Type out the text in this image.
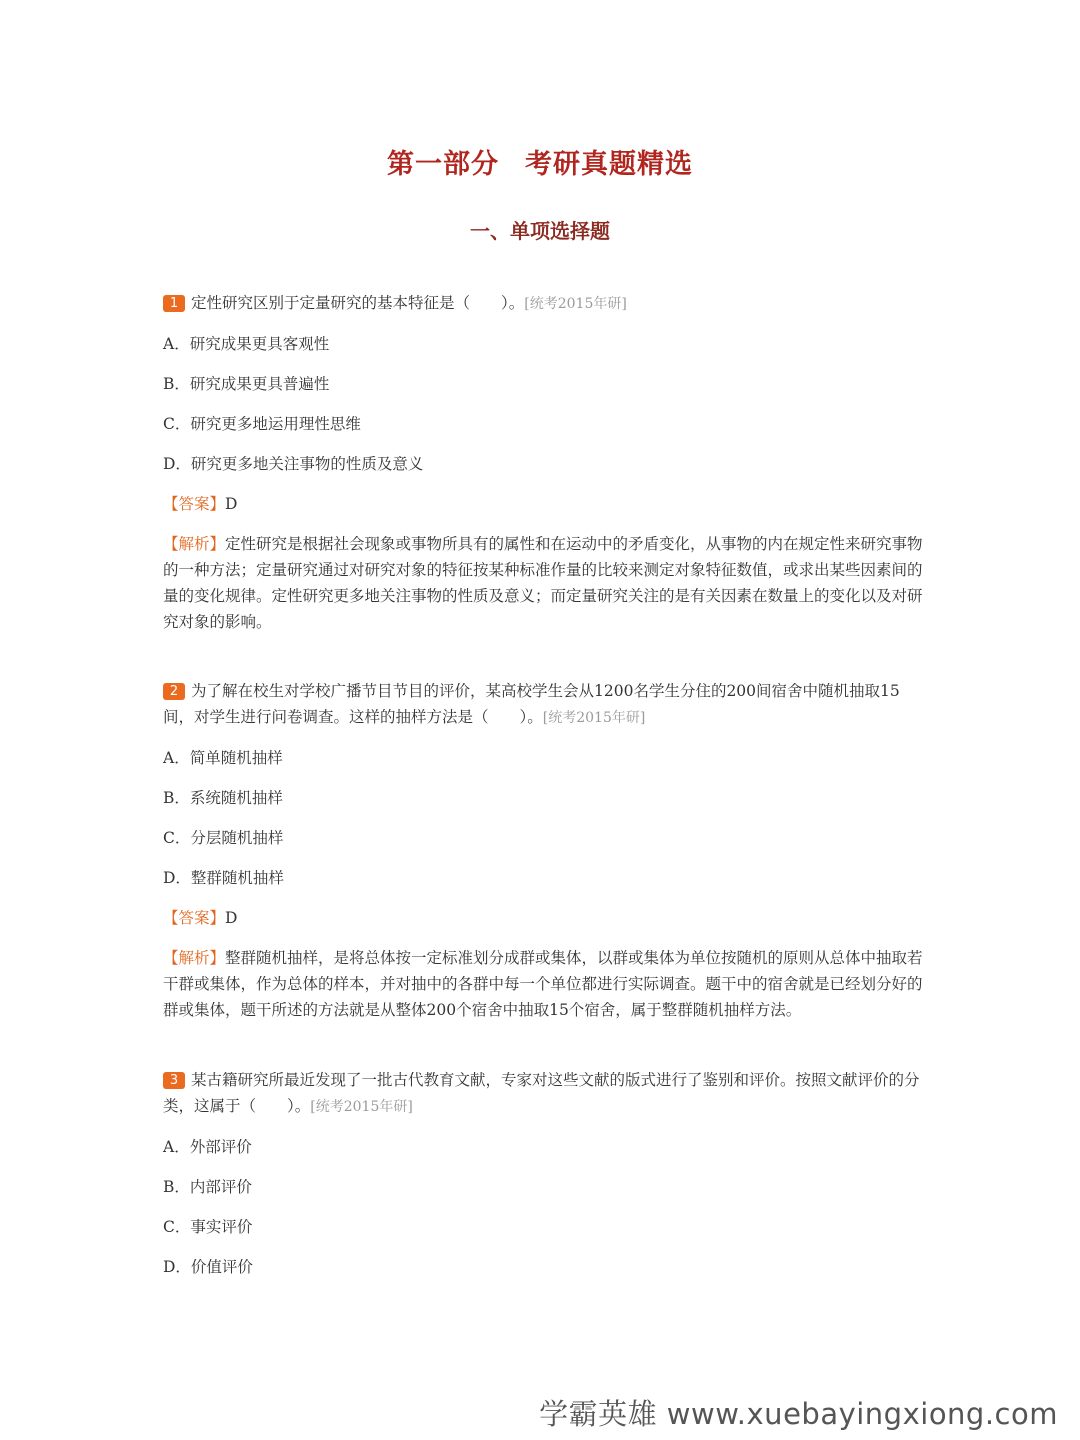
第一部分 考研真题精选
一、单项选择题

1 定性研究区别于定量研究的基本特征是（　　）。[统考2015年研]

A．研究成果更具客观性

B．研究成果更具普遍性

C．研究更多地运用理性思维

D．研究更多地关注事物的性质及意义

【答案】D
【解析】定性研究是根据社会现象或事物所具有的属性和在运动中的矛盾变化，从事物的内在规定性来研究事物的一种方法；定量研究通过对研究对象的特征按某种标准作量的比较来测定对象特征数值，或求出某些因素间的量的变化规律。定性研究更多地关注事物的性质及意义；而定量研究关注的是有关因素在数量上的变化以及对研究对象的影响。

2 为了解在校生对学校广播节目节目的评价，某高校学生会从1200名学生分住的200间宿舍中随机抽取15间，对学生进行问卷调查。这样的抽样方法是（　　）。[统考2015年研]

A．简单随机抽样

B．系统随机抽样

C．分层随机抽样

D．整群随机抽样

【答案】D
【解析】整群随机抽样，是将总体按一定标准划分成群或集体，以群或集体为单位按随机的原则从总体中抽取若干群或集体，作为总体的样本，并对抽中的各群中每一个单位都进行实际调查。题干中的宿舍就是已经划分好的群或集体，题干所述的方法就是从整体200个宿舍中抽取15个宿舍，属于整群随机抽样方法。

3 某古籍研究所最近发现了一批古代教育文献，专家对这些文献的版式进行了鉴别和评价。按照文献评价的分类，这属于（　　）。[统考2015年研]

A．外部评价

B．内部评价

C．事实评价

D．价值评价

学霸英雄 www.xuebayingxiong.com
